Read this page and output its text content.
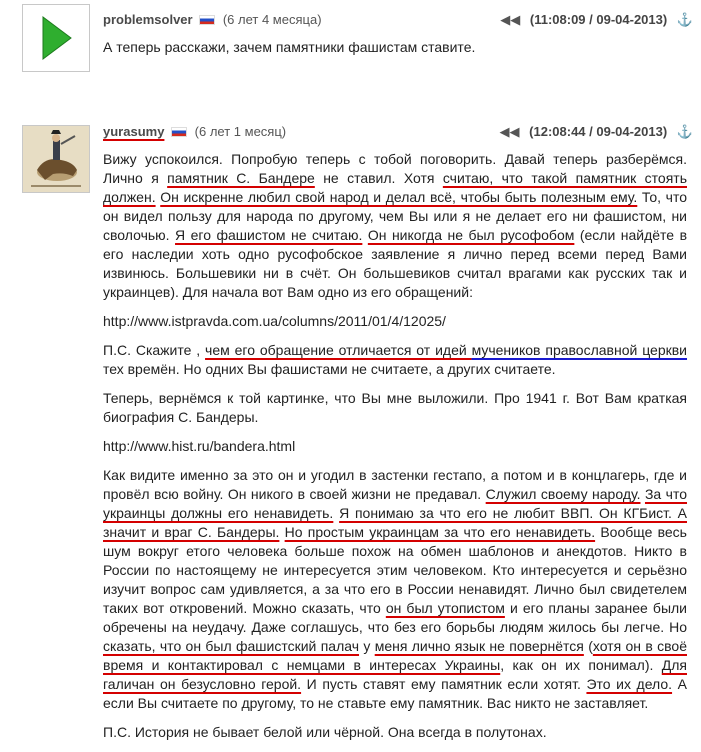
problemsolver (6 лет 4 месяца)	◀◀ (11:08:09 / 09-04-2013) ⚓

А теперь расскажи, зачем памятники фашистам ставите.

yurasumy (6 лет 1 месяц)	◀◀ (12:08:44 / 09-04-2013) ⚓

Вижу успокоился. Попробую теперь с тобой поговорить. Давай теперь разберёмся. Лично я памятник С. Бандере не ставил. Хотя считаю, что такой памятник стоять должен. Он искренне любил свой народ и делал всё, чтобы быть полезным ему. То, что он видел пользу для народа по другому, чем Вы или я не делает его ни фашистом, ни сволочью. Я его фашистом не считаю. Он никогда не был русофобом (если найдёте в его наследии хоть одно русофобское заявление я лично перед всеми перед Вами извинюсь. Большевики ни в счёт. Он большевиков считал врагами как русских так и украинцев). Для начала вот Вам одно из его обращений:

http://www.istpravda.com.ua/columns/2011/01/4/12025/

П.С. Скажите , чем его обращение отличается от идей мучеников православной церкви тех времён. Но одних Вы фашистами не считаете, а других считаете.

Теперь, вернёмся к той картинке, что Вы мне выложили. Про 1941 г. Вот Вам краткая биография С. Бандеры.

http://www.hist.ru/bandera.html

Как видите именно за это он и угодил в застенки гестапо, а потом и в концлагерь, где и провёл всю войну. Он никого в своей жизни не предавал. Служил своему народу. За что украинцы должны его ненавидеть. Я понимаю за что его не любит ВВП. Он КГБист. А значит и враг С. Бандеры. Но простым украинцам за что его ненавидеть. Вообще весь шум вокруг етого человека больше похож на обмен шаблонов и анекдотов. Никто в России по настоящему не интересуется этим человеком. Кто интересуется и серьёзно изучит вопрос сам удивляется, а за что его в России ненавидят. Лично был свидетелем таких вот откровений. Можно сказать, что он был утопистом и его планы заранее были обречены на неудачу. Даже соглашусь, что без его борьбы людям жилось бы легче. Но сказать, что он был фашистский палач у меня лично язык не повернётся (хотя он в своё время и контактировал с немцами в интересах Украины, как он их понимал). Для галичан он безусловно герой. И пусть ставят ему памятник если хотят. Это их дело. А если Вы считаете по другому, то не ставьте ему памятник. Вас никто не заставляет.

П.С. История не бывает белой или чёрной. Она всегда в полутонах.
